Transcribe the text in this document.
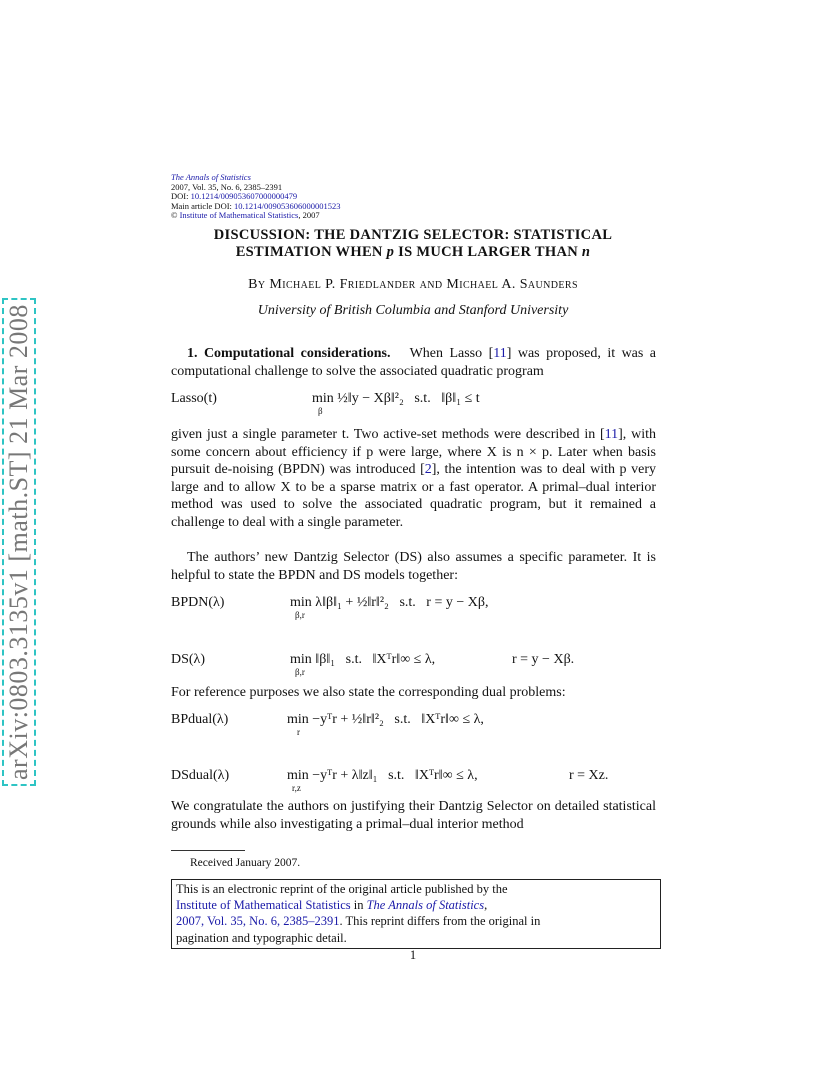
arXiv:0803.3135v1 [math.ST] 21 Mar 2008
The Annals of Statistics
2007, Vol. 35, No. 6, 2385–2391
DOI: 10.1214/009053607000000479
Main article DOI: 10.1214/009053606000001523
© Institute of Mathematical Statistics, 2007
DISCUSSION: THE DANTZIG SELECTOR: STATISTICAL
ESTIMATION WHEN p IS MUCH LARGER THAN n
By Michael P. Friedlander and Michael A. Saunders
University of British Columbia and Stanford University
1. Computational considerations. When Lasso [11] was proposed, it was a computational challenge to solve the associated quadratic program
Lasso(t)	min ½‖y − Xβ‖²₂ s.t. ‖β‖₁ ≤ t
β
given just a single parameter t. Two active-set methods were described in [11], with some concern about efficiency if p were large, where X is n × p. Later when basis pursuit de-noising (BPDN) was introduced [2], the intention was to deal with p very large and to allow X to be a sparse matrix or a fast operator. A primal–dual interior method was used to solve the associated quadratic program, but it remained a challenge to deal with a single parameter.
The authors’ new Dantzig Selector (DS) also assumes a specific parameter. It is helpful to state the BPDN and DS models together:
BPDN(λ)	min λ‖β‖₁ + ½‖r‖²₂ s.t. r = y − Xβ,
β,r
DS(λ)	min ‖β‖₁ s.t. ‖Xᵀr‖∞ ≤ λ,	r = y − Xβ.
β,r
For reference purposes we also state the corresponding dual problems:
BPdual(λ)	min −yᵀr + ½‖r‖²₂ s.t. ‖Xᵀr‖∞ ≤ λ,
r
DSdual(λ)	min −yᵀr + λ‖z‖₁ s.t. ‖Xᵀr‖∞ ≤ λ,	r = Xz.
r,z
We congratulate the authors on justifying their Dantzig Selector on detailed statistical grounds while also investigating a primal–dual interior method
Received January 2007.
This is an electronic reprint of the original article published by the
Institute of Mathematical Statistics in The Annals of Statistics,
2007, Vol. 35, No. 6, 2385–2391. This reprint differs from the original in
pagination and typographic detail.
1
